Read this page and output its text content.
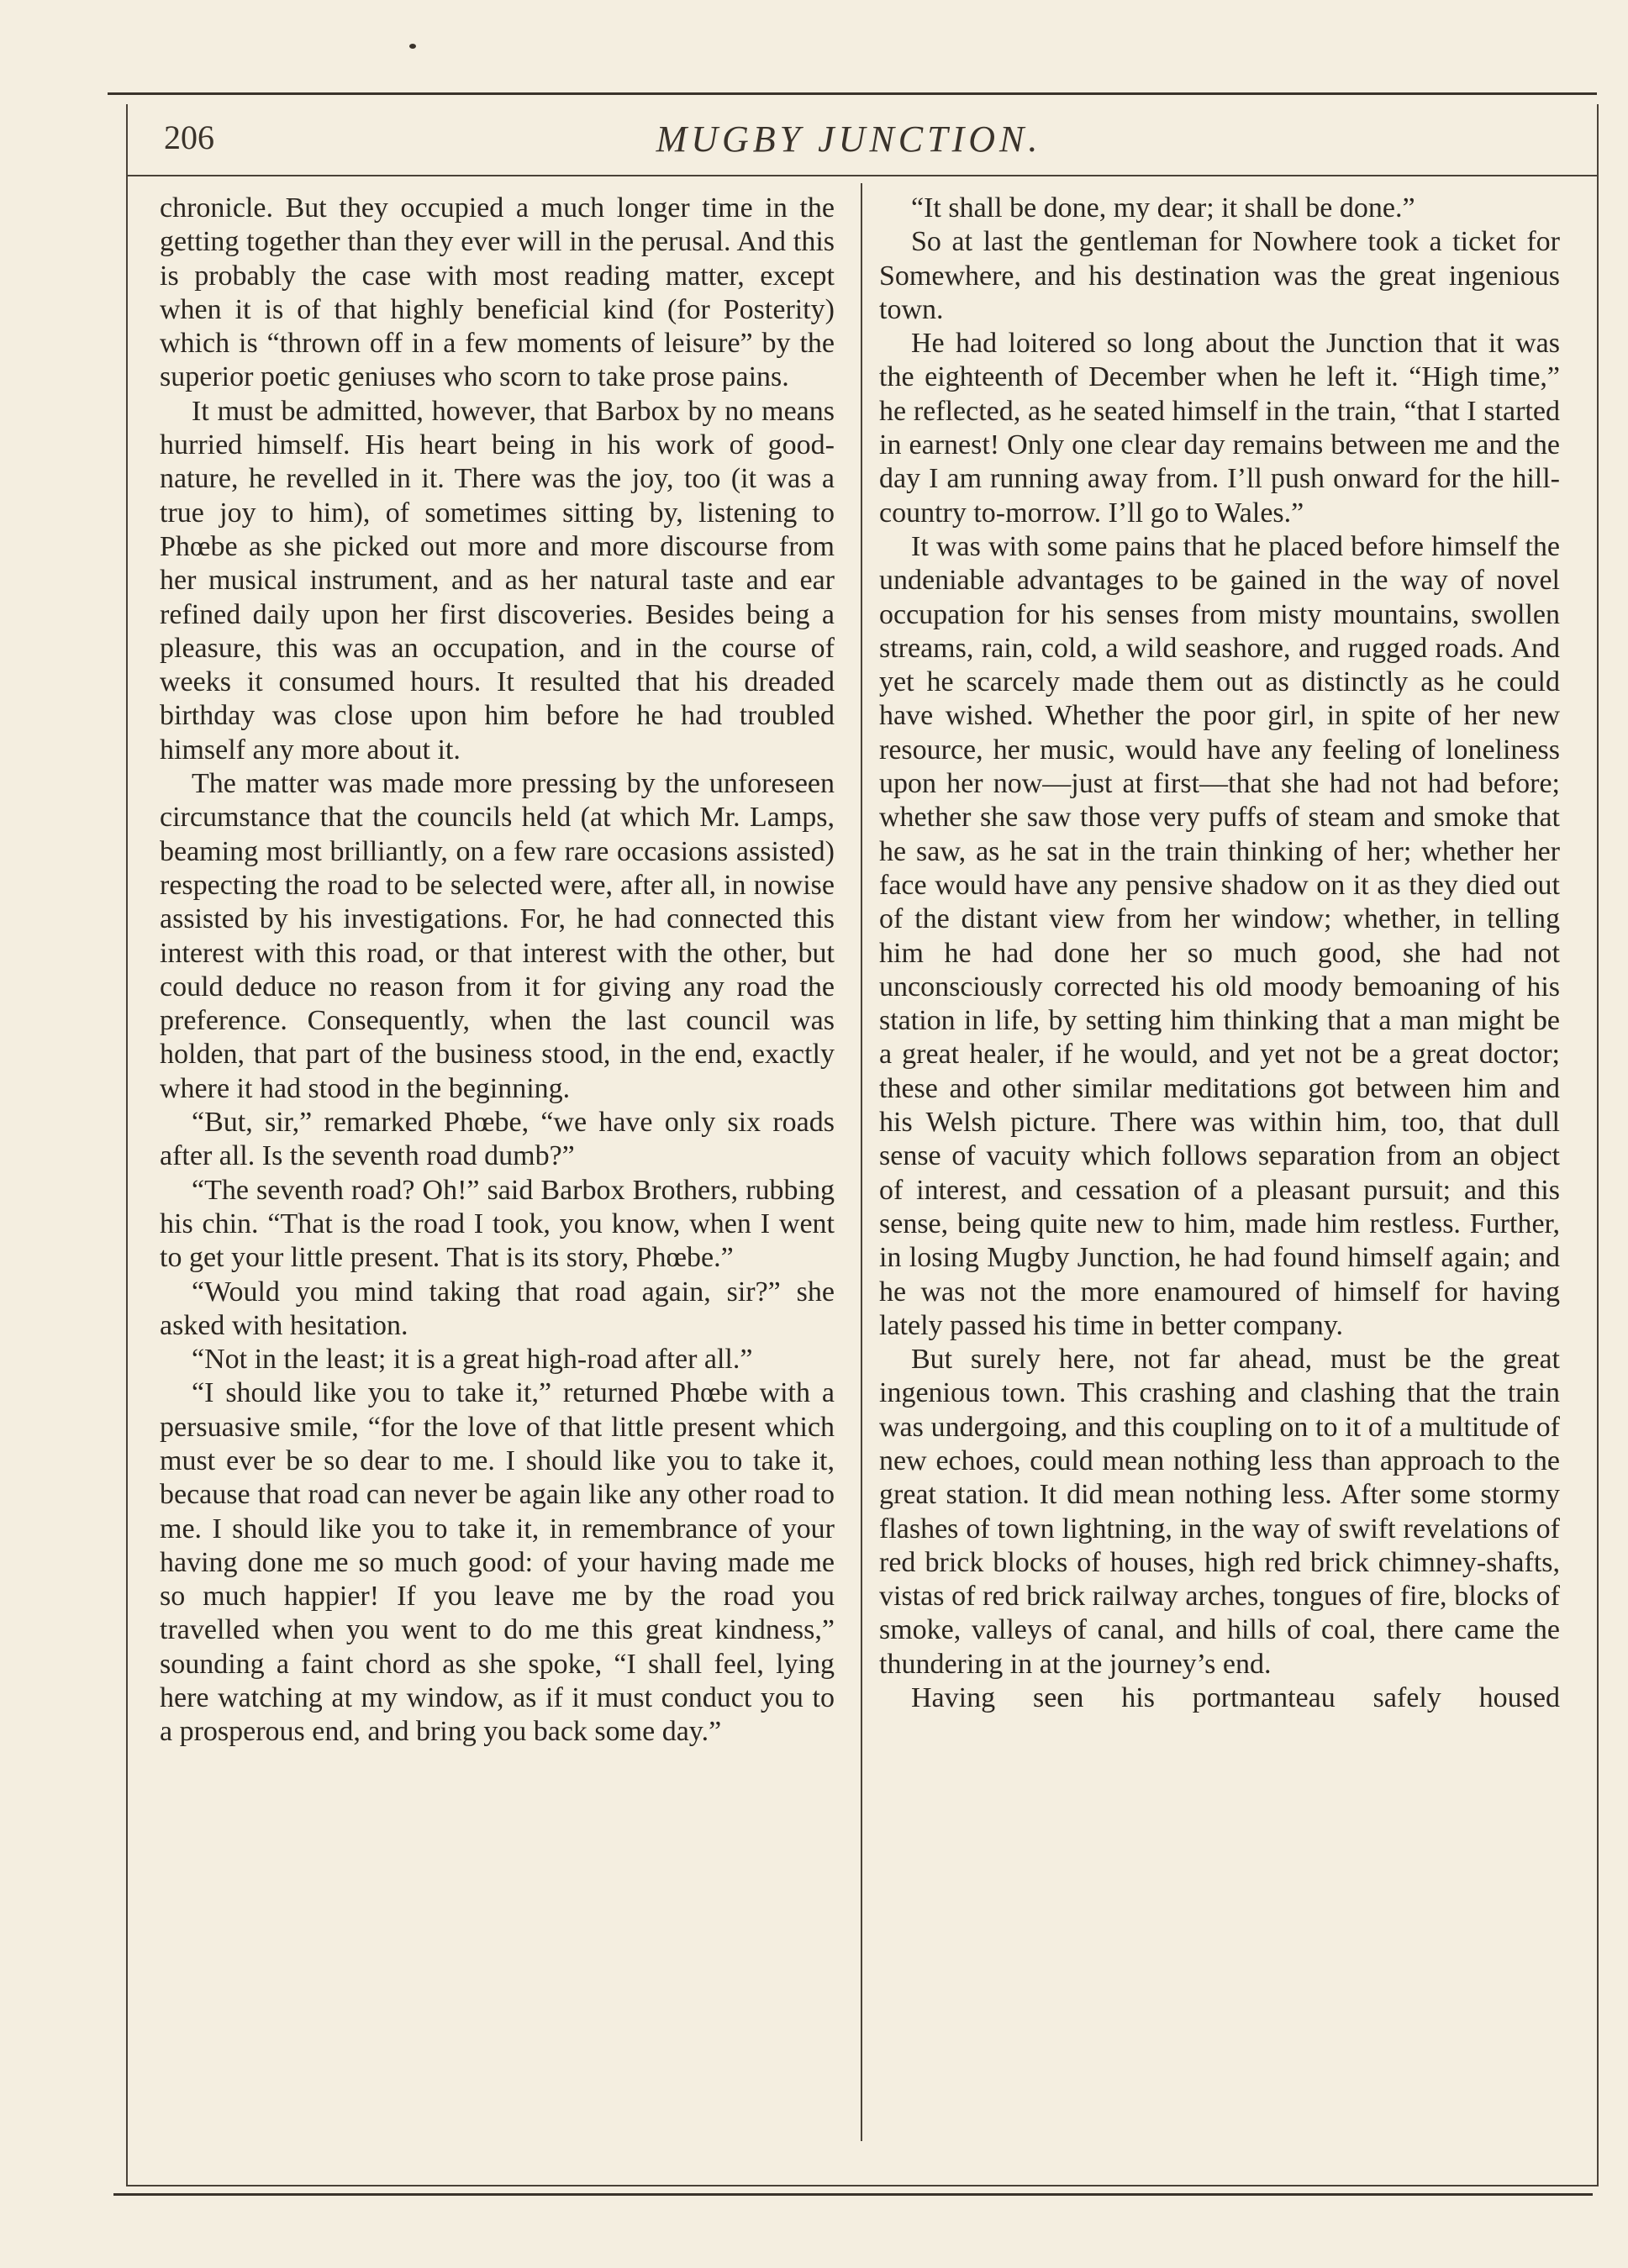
206	MUGBY JUNCTION.

chronicle. But they occupied a much longer time in the getting together than they ever will in the perusal. And this is probably the case with most reading matter, except when it is of that highly beneficial kind (for Posterity) which is “thrown off in a few moments of leisure” by the superior poetic geniuses who scorn to take prose pains.

It must be admitted, however, that Barbox by no means hurried himself. His heart being in his work of good-nature, he revelled in it. There was the joy, too (it was a true joy to him), of sometimes sitting by, listening to Phœbe as she picked out more and more discourse from her musical instrument, and as her natural taste and ear refined daily upon her first discoveries. Besides being a pleasure, this was an occupation, and in the course of weeks it consumed hours. It resulted that his dreaded birthday was close upon him before he had troubled himself any more about it.

The matter was made more pressing by the unforeseen circumstance that the councils held (at which Mr. Lamps, beaming most brilliantly, on a few rare occasions assisted) respecting the road to be selected were, after all, in nowise assisted by his investigations. For, he had connected this interest with this road, or that interest with the other, but could deduce no reason from it for giving any road the preference. Consequently, when the last council was holden, that part of the business stood, in the end, exactly where it had stood in the beginning.

“But, sir,” remarked Phœbe, “we have only six roads after all. Is the seventh road dumb?”

“The seventh road? Oh!” said Barbox Brothers, rubbing his chin. “That is the road I took, you know, when I went to get your little present. That is its story, Phœbe.”

“Would you mind taking that road again, sir?” she asked with hesitation.

“Not in the least; it is a great high-road after all.”

“I should like you to take it,” returned Phœbe with a persuasive smile, “for the love of that little present which must ever be so dear to me. I should like you to take it, because that road can never be again like any other road to me. I should like you to take it, in remembrance of your having done me so much good: of your having made me so much happier! If you leave me by the road you travelled when you went to do me this great kindness,” sounding a faint chord as she spoke, “I shall feel, lying here watching at my window, as if it must conduct you to a prosperous end, and bring you back some day.”

“It shall be done, my dear; it shall be done.”

So at last the gentleman for Nowhere took a ticket for Somewhere, and his destination was the great ingenious town.

He had loitered so long about the Junction that it was the eighteenth of December when he left it. “High time,” he reflected, as he seated himself in the train, “that I started in earnest! Only one clear day remains between me and the day I am running away from. I’ll push onward for the hill-country to-morrow. I’ll go to Wales.”

It was with some pains that he placed before himself the undeniable advantages to be gained in the way of novel occupation for his senses from misty mountains, swollen streams, rain, cold, a wild seashore, and rugged roads. And yet he scarcely made them out as distinctly as he could have wished. Whether the poor girl, in spite of her new resource, her music, would have any feeling of loneliness upon her now—just at first—that she had not had before; whether she saw those very puffs of steam and smoke that he saw, as he sat in the train thinking of her; whether her face would have any pensive shadow on it as they died out of the distant view from her window; whether, in telling him he had done her so much good, she had not unconsciously corrected his old moody bemoaning of his station in life, by setting him thinking that a man might be a great healer, if he would, and yet not be a great doctor; these and other similar meditations got between him and his Welsh picture. There was within him, too, that dull sense of vacuity which follows separation from an object of interest, and cessation of a pleasant pursuit; and this sense, being quite new to him, made him restless. Further, in losing Mugby Junction, he had found himself again; and he was not the more enamoured of himself for having lately passed his time in better company.

But surely here, not far ahead, must be the great ingenious town. This crashing and clashing that the train was undergoing, and this coupling on to it of a multitude of new echoes, could mean nothing less than approach to the great station. It did mean nothing less. After some stormy flashes of town lightning, in the way of swift revelations of red brick blocks of houses, high red brick chimney-shafts, vistas of red brick railway arches, tongues of fire, blocks of smoke, valleys of canal, and hills of coal, there came the thundering in at the journey’s end.

Having seen his portmanteau safely housed
